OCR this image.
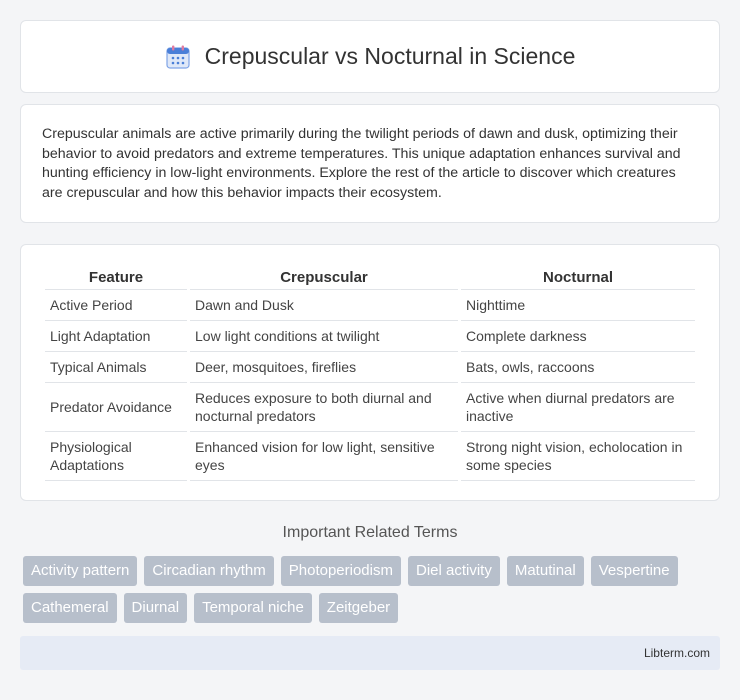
Crepuscular vs Nocturnal in Science

Crepuscular animals are active primarily during the twilight periods of dawn and dusk, optimizing their behavior to avoid predators and extreme temperatures. This unique adaptation enhances survival and hunting efficiency in low-light environments. Explore the rest of the article to discover which creatures are crepuscular and how this behavior impacts their ecosystem.

Feature	Crepuscular	Nocturnal
Active Period	Dawn and Dusk	Nighttime
Light Adaptation	Low light conditions at twilight	Complete darkness
Typical Animals	Deer, mosquitoes, fireflies	Bats, owls, raccoons
Predator Avoidance	Reduces exposure to both diurnal and nocturnal predators	Active when diurnal predators are inactive
Physiological Adaptations	Enhanced vision for low light, sensitive eyes	Strong night vision, echolocation in some species
Important Related Terms
Activity pattern	Circadian rhythm	Photoperiodism	Diel activity	Matutinal	Vespertine
Cathemeral	Diurnal	Temporal niche	Zeitgeber
Libterm.com
